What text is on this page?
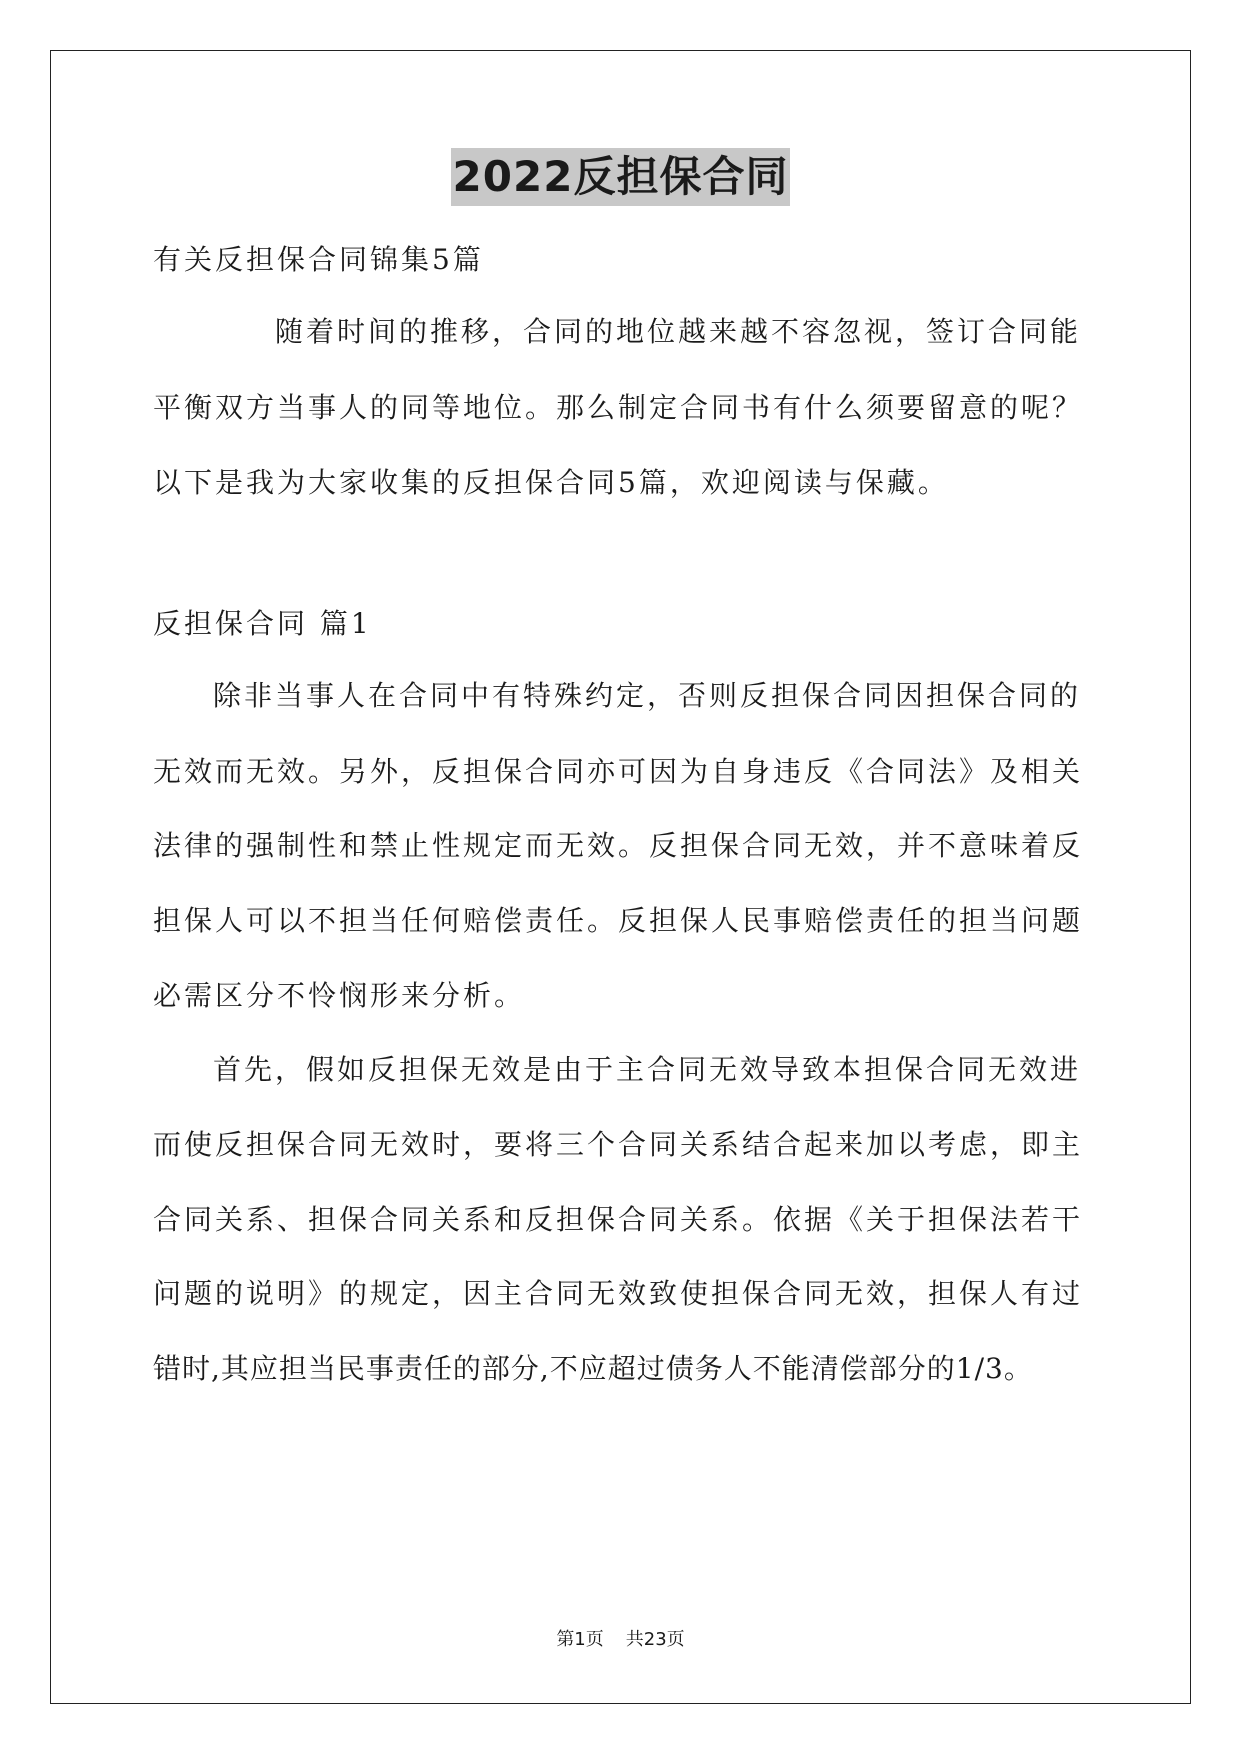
2022反担保合同
有关反担保合同锦集5篇
随着时间的推移，合同的地位越来越不容忽视，签订合同能
平衡双方当事人的同等地位。那么制定合同书有什么须要留意的呢？
以下是我为大家收集的反担保合同5篇，欢迎阅读与保藏。
反担保合同 篇1
除非当事人在合同中有特殊约定，否则反担保合同因担保合同的
无效而无效。另外，反担保合同亦可因为自身违反《合同法》及相关
法律的强制性和禁止性规定而无效。反担保合同无效，并不意味着反
担保人可以不担当任何赔偿责任。反担保人民事赔偿责任的担当问题
必需区分不怜悯形来分析。
首先，假如反担保无效是由于主合同无效导致本担保合同无效进
而使反担保合同无效时，要将三个合同关系结合起来加以考虑，即主
合同关系、担保合同关系和反担保合同关系。依据《关于担保法若干
问题的说明》的规定，因主合同无效致使担保合同无效，担保人有过
错时,其应担当民事责任的部分,不应超过债务人不能清偿部分的1/3。
第1页 共23页
